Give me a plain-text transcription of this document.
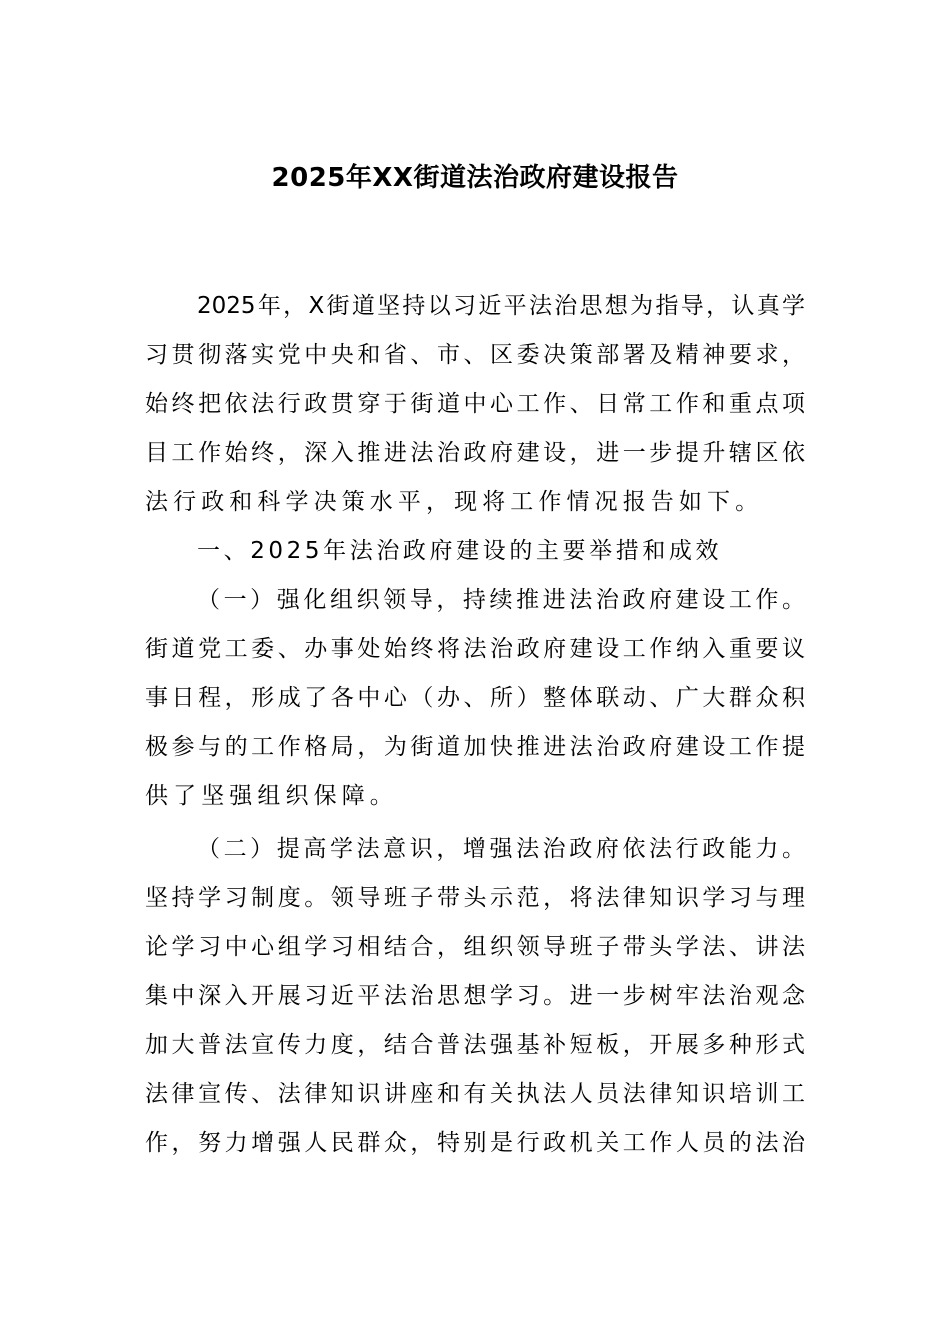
2025年XX街道法治政府建设报告
2025年，X街道坚持以习近平法治思想为指导，认真学
习贯彻落实党中央和省、市、区委决策部署及精神要求，
始终把依法行政贯穿于街道中心工作、日常工作和重点项
目工作始终，深入推进法治政府建设，进一步提升辖区依
法行政和科学决策水平，现将工作情况报告如下。
一、2025年法治政府建设的主要举措和成效
（一）强化组织领导，持续推进法治政府建设工作。
街道党工委、办事处始终将法治政府建设工作纳入重要议
事日程，形成了各中心（办、所）整体联动、广大群众积
极参与的工作格局，为街道加快推进法治政府建设工作提
供了坚强组织保障。
（二）提高学法意识，增强法治政府依法行政能力。
坚持学习制度。领导班子带头示范，将法律知识学习与理
论学习中心组学习相结合，组织领导班子带头学法、讲法
集中深入开展习近平法治思想学习。进一步树牢法治观念
加大普法宣传力度，结合普法强基补短板，开展多种形式
法律宣传、法律知识讲座和有关执法人员法律知识培训工
作，努力增强人民群众，特别是行政机关工作人员的法治
